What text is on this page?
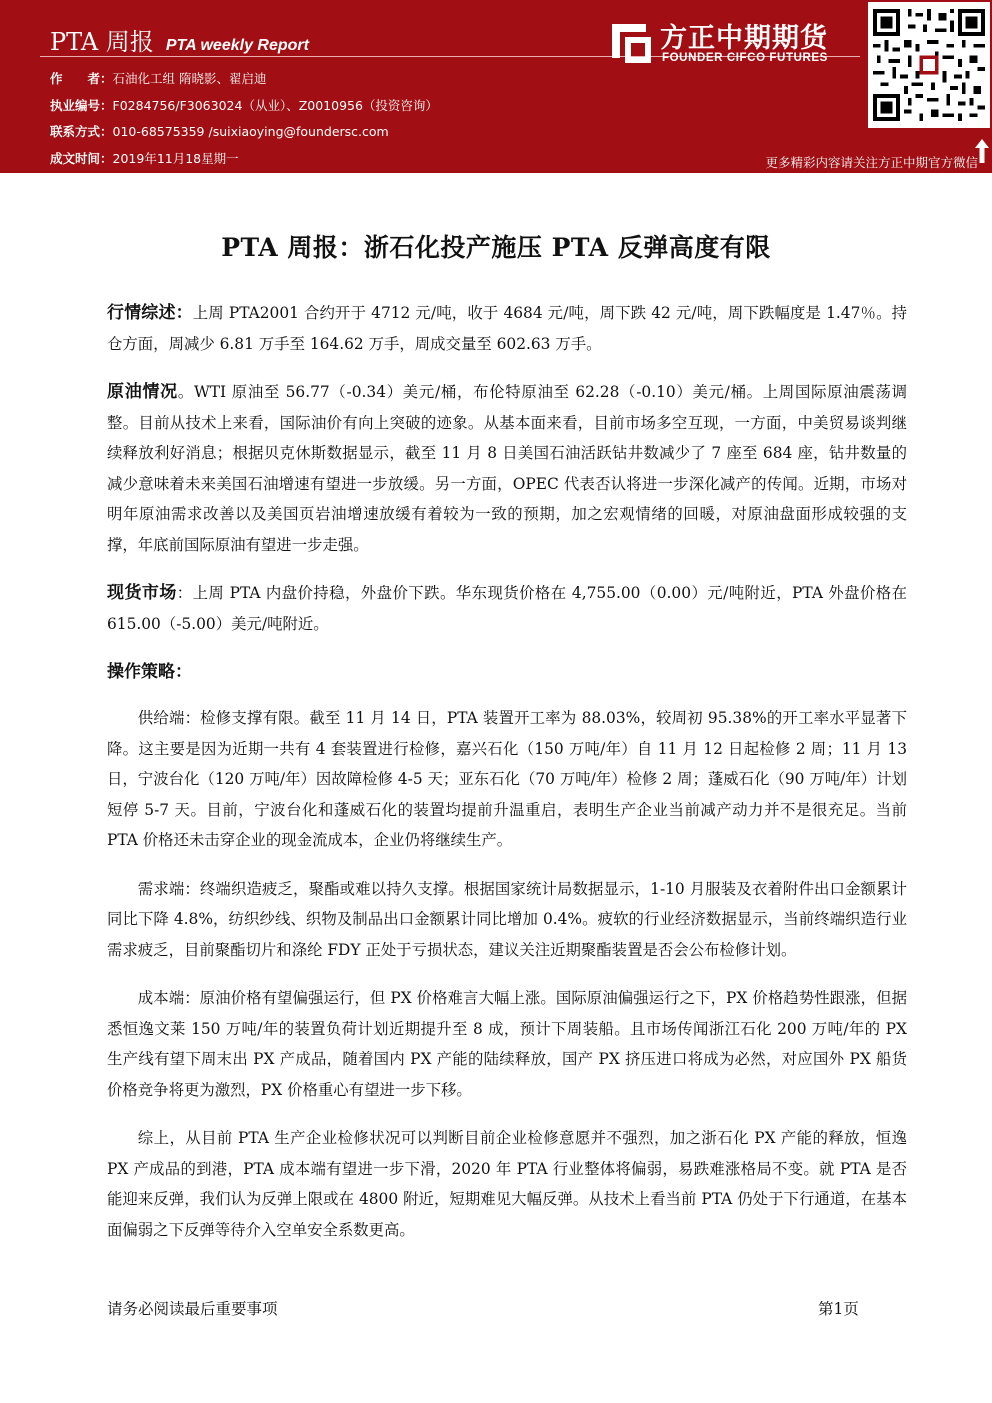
PTA 周报 PTA weekly Report
作　　者：石油化工组 隋晓影、翟启迪
执业编号：F0284756/F3063024（从业）、Z0010956（投资咨询）
联系方式：010-68575359 /suixiaoying@foundersc.com
成文时间：2019年11月18星期一
方正中期期货
FOUNDER CIFCO FUTURES
更多精彩内容请关注方正中期官方微信
PTA 周报：浙石化投产施压 PTA 反弹高度有限

行情综述：上周 PTA2001 合约开于 4712 元/吨，收于 4684 元/吨，周下跌 42 元/吨，周下跌幅度是 1.47％。持仓方面，周减少 6.81 万手至 164.62 万手，周成交量至 602.63 万手。

原油情况。WTI 原油至 56.77（-0.34）美元/桶，布伦特原油至 62.28（-0.10）美元/桶。上周国际原油震荡调整。目前从技术上来看，国际油价有向上突破的迹象。从基本面来看，目前市场多空互现，一方面，中美贸易谈判继续释放利好消息；根据贝克休斯数据显示，截至 11 月 8 日美国石油活跃钻井数减少了 7 座至 684 座，钻井数量的减少意味着未来美国石油增速有望进一步放缓。另一方面，OPEC 代表否认将进一步深化减产的传闻。近期，市场对明年原油需求改善以及美国页岩油增速放缓有着较为一致的预期，加之宏观情绪的回暖，对原油盘面形成较强的支撑，年底前国际原油有望进一步走强。

现货市场：上周 PTA 内盘价持稳，外盘价下跌。华东现货价格在 4,755.00（0.00）元/吨附近，PTA 外盘价格在 615.00（-5.00）美元/吨附近。

操作策略：

供给端：检修支撑有限。截至 11 月 14 日，PTA 装置开工率为 88.03%，较周初 95.38%的开工率水平显著下降。这主要是因为近期一共有 4 套装置进行检修，嘉兴石化（150 万吨/年）自 11 月 12 日起检修 2 周；11 月 13 日，宁波台化（120 万吨/年）因故障检修 4-5 天；亚东石化（70 万吨/年）检修 2 周；蓬威石化（90 万吨/年）计划短停 5-7 天。目前，宁波台化和蓬威石化的装置均提前升温重启，表明生产企业当前减产动力并不是很充足。当前 PTA 价格还未击穿企业的现金流成本，企业仍将继续生产。

需求端：终端织造疲乏，聚酯或难以持久支撑。根据国家统计局数据显示，1-10 月服装及衣着附件出口金额累计同比下降 4.8%，纺织纱线、织物及制品出口金额累计同比增加 0.4%。疲软的行业经济数据显示，当前终端织造行业需求疲乏，目前聚酯切片和涤纶 FDY 正处于亏损状态，建议关注近期聚酯装置是否会公布检修计划。

成本端：原油价格有望偏强运行，但 PX 价格难言大幅上涨。国际原油偏强运行之下，PX 价格趋势性跟涨，但据悉恒逸文莱 150 万吨/年的装置负荷计划近期提升至 8 成，预计下周装船。且市场传闻浙江石化 200 万吨/年的 PX 生产线有望下周末出 PX 产成品，随着国内 PX 产能的陆续释放，国产 PX 挤压进口将成为必然，对应国外 PX 船货价格竞争将更为激烈，PX 价格重心有望进一步下移。

综上，从目前 PTA 生产企业检修状况可以判断目前企业检修意愿并不强烈，加之浙石化 PX 产能的释放，恒逸 PX 产成品的到港，PTA 成本端有望进一步下滑，2020 年 PTA 行业整体将偏弱，易跌难涨格局不变。就 PTA 是否能迎来反弹，我们认为反弹上限或在 4800 附近，短期难见大幅反弹。从技术上看当前 PTA 仍处于下行通道，在基本面偏弱之下反弹等待介入空单安全系数更高。

请务必阅读最后重要事项	第1页
